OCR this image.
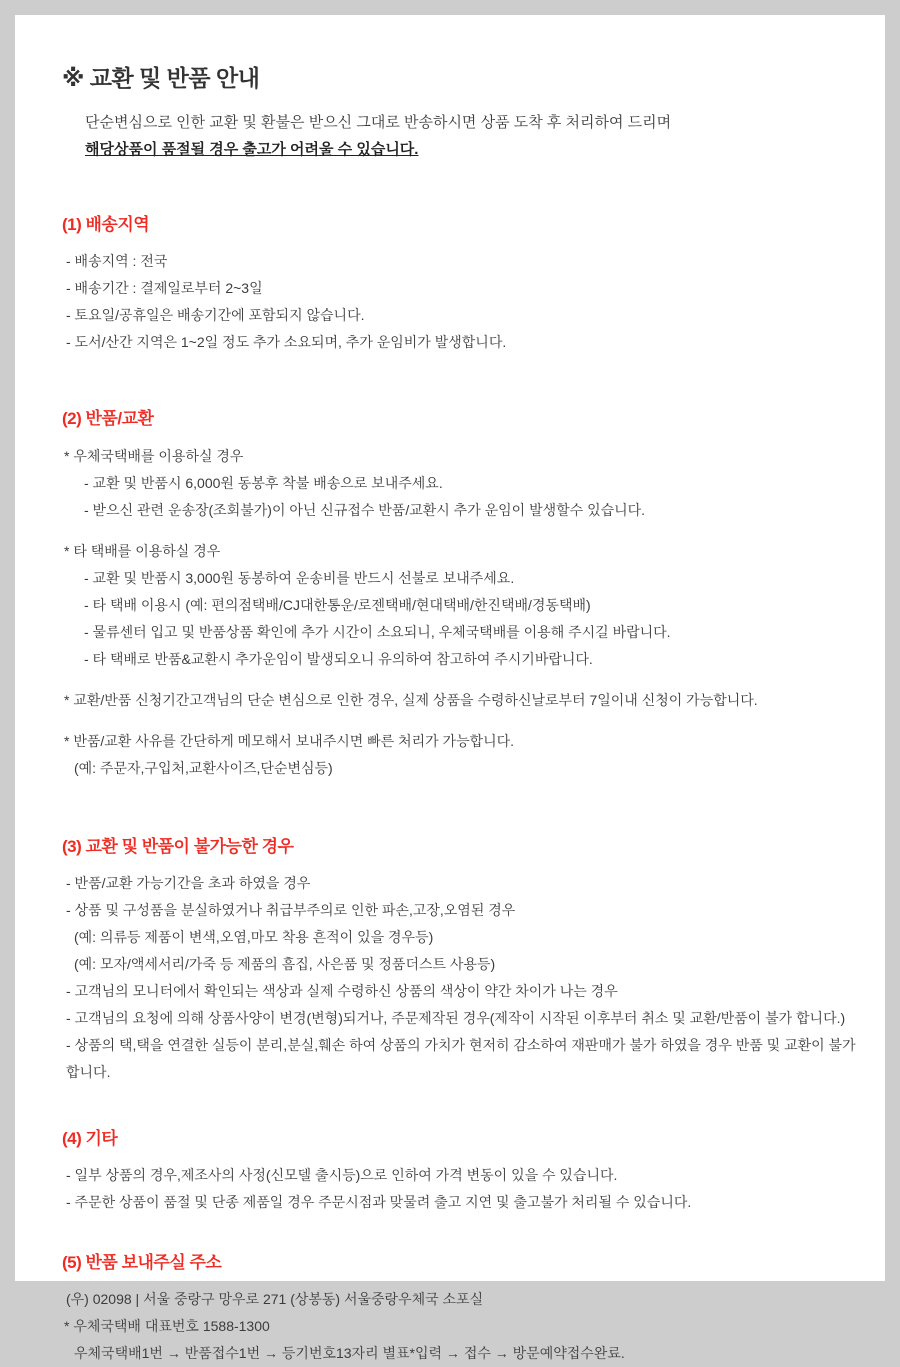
※ 교환 및 반품 안내

단순변심으로 인한 교환 및 환불은 받으신 그대로 반송하시면 상품 도착 후 처리하여 드리며

해당상품이 품절될 경우 출고가 어려울 수 있습니다.

(1) 배송지역

- 배송지역 : 전국

- 배송기간 : 결제일로부터 2~3일

- 토요일/공휴일은 배송기간에 포함되지 않습니다.

- 도서/산간 지역은 1~2일 정도 추가 소요되며, 추가 운임비가 발생합니다.

(2) 반품/교환

* 우체국택배를 이용하실 경우

- 교환 및 반품시 6,000원 동봉후 착불 배송으로 보내주세요.

- 받으신 관련 운송장(조회불가)이 아닌 신규접수 반품/교환시 추가 운임이 발생할수 있습니다.

* 타 택배를 이용하실 경우

- 교환 및 반품시 3,000원 동봉하여 운송비를 반드시 선불로 보내주세요.

- 타 택배 이용시 (예: 편의점택배/CJ대한통운/로젠택배/현대택배/한진택배/경동택배)

- 물류센터 입고 및 반품상품 확인에 추가 시간이 소요되니, 우체국택배를 이용해 주시길 바랍니다.

- 타 택배로 반품&교환시 추가운임이 발생되오니 유의하여 참고하여 주시기바랍니다.

* 교환/반품 신청기간고객님의 단순 변심으로 인한 경우, 실제 상품을 수령하신날로부터 7일이내 신청이 가능합니다.

* 반품/교환 사유를 간단하게 메모해서 보내주시면 빠른 처리가 가능합니다.

(예: 주문자,구입처,교환사이즈,단순변심등)

(3) 교환 및 반품이 불가능한 경우

- 반품/교환 가능기간을 초과 하였을 경우

- 상품 및 구성품을 분실하였거나 취급부주의로 인한 파손,고장,오염된 경우

(예: 의류등 제품이 변색,오염,마모 착용 흔적이 있을 경우등)

(예: 모자/액세서리/가죽 등 제품의 흠집, 사은품 및 정품더스트 사용등)

- 고객님의 모니터에서 확인되는 색상과 실제 수령하신 상품의 색상이 약간 차이가 나는 경우

- 고객님의 요청에 의해 상품사양이 변경(변형)되거나, 주문제작된 경우(제작이 시작된 이후부터 취소 및 교환/반품이 불가 합니다.)

- 상품의 택,택을 연결한 실등이 분리,분실,훼손 하여 상품의 가치가 현저히 감소하여 재판매가 불가 하였을 경우 반품 및 교환이 불가 합니다.

(4) 기타

- 일부 상품의 경우,제조사의 사정(신모델 출시등)으로 인하여 가격 변동이 있을 수 있습니다.

- 주문한 상품이 품절 및 단종 제품일 경우 주문시점과 맞물려 출고 지연 및 출고불가 처리될 수 있습니다.

(5) 반품 보내주실 주소

(우) 02098 | 서울 중랑구 망우로 271 (상봉동) 서울중랑우체국 소포실

* 우체국택배 대표번호 1588-1300

우체국택배1번 → 반품접수1번 → 등기번호13자리 별표*입력 → 접수 → 방문예약접수완료.
